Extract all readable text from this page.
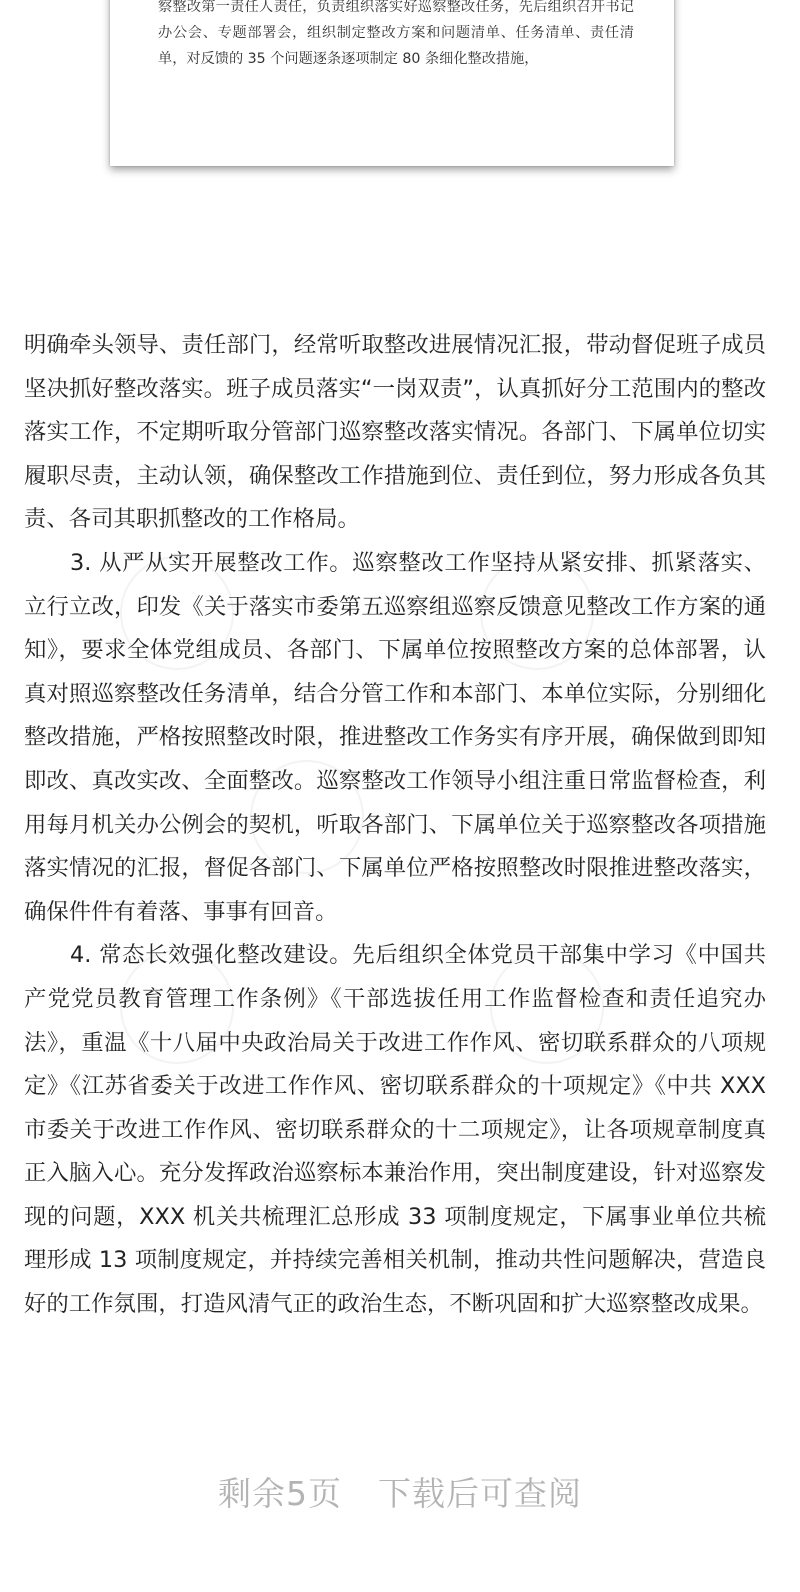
察整改第一责任人责任，负责组织落实好巡察整改任务，先后组织召开书记办公会、专题部署会，组织制定整改方案和问题清单、任务清单、责任清单，对反馈的 35 个问题逐条逐项制定 80 条细化整改措施，

明确牵头领导、责任部门，经常听取整改进展情况汇报，带动督促班子成员坚决抓好整改落实。班子成员落实“一岗双责”，认真抓好分工范围内的整改落实工作，不定期听取分管部门巡察整改落实情况。各部门、下属单位切实履职尽责，主动认领，确保整改工作措施到位、责任到位，努力形成各负其责、各司其职抓整改的工作格局。

3. 从严从实开展整改工作。巡察整改工作坚持从紧安排、抓紧落实、立行立改，印发《关于落实市委第五巡察组巡察反馈意见整改工作方案的通知》，要求全体党组成员、各部门、下属单位按照整改方案的总体部署，认真对照巡察整改任务清单，结合分管工作和本部门、本单位实际，分别细化整改措施，严格按照整改时限，推进整改工作务实有序开展，确保做到即知即改、真改实改、全面整改。巡察整改工作领导小组注重日常监督检查，利用每月机关办公例会的契机，听取各部门、下属单位关于巡察整改各项措施落实情况的汇报，督促各部门、下属单位严格按照整改时限推进整改落实，确保件件有着落、事事有回音。

4. 常态长效强化整改建设。先后组织全体党员干部集中学习《中国共产党党员教育管理工作条例》《干部选拔任用工作监督检查和责任追究办法》，重温《十八届中央政治局关于改进工作作风、密切联系群众的八项规定》《江苏省委关于改进工作作风、密切联系群众的十项规定》《中共 XXX 市委关于改进工作作风、密切联系群众的十二项规定》，让各项规章制度真正入脑入心。充分发挥政治巡察标本兼治作用，突出制度建设，针对巡察发现的问题，XXX 机关共梳理汇总形成 33 项制度规定，下属事业单位共梳理形成 13 项制度规定，并持续完善相关机制，推动共性问题解决，营造良好的工作氛围，打造风清气正的政治生态，不断巩固和扩大巡察整改成果。

剩余5页 下载后可查阅
